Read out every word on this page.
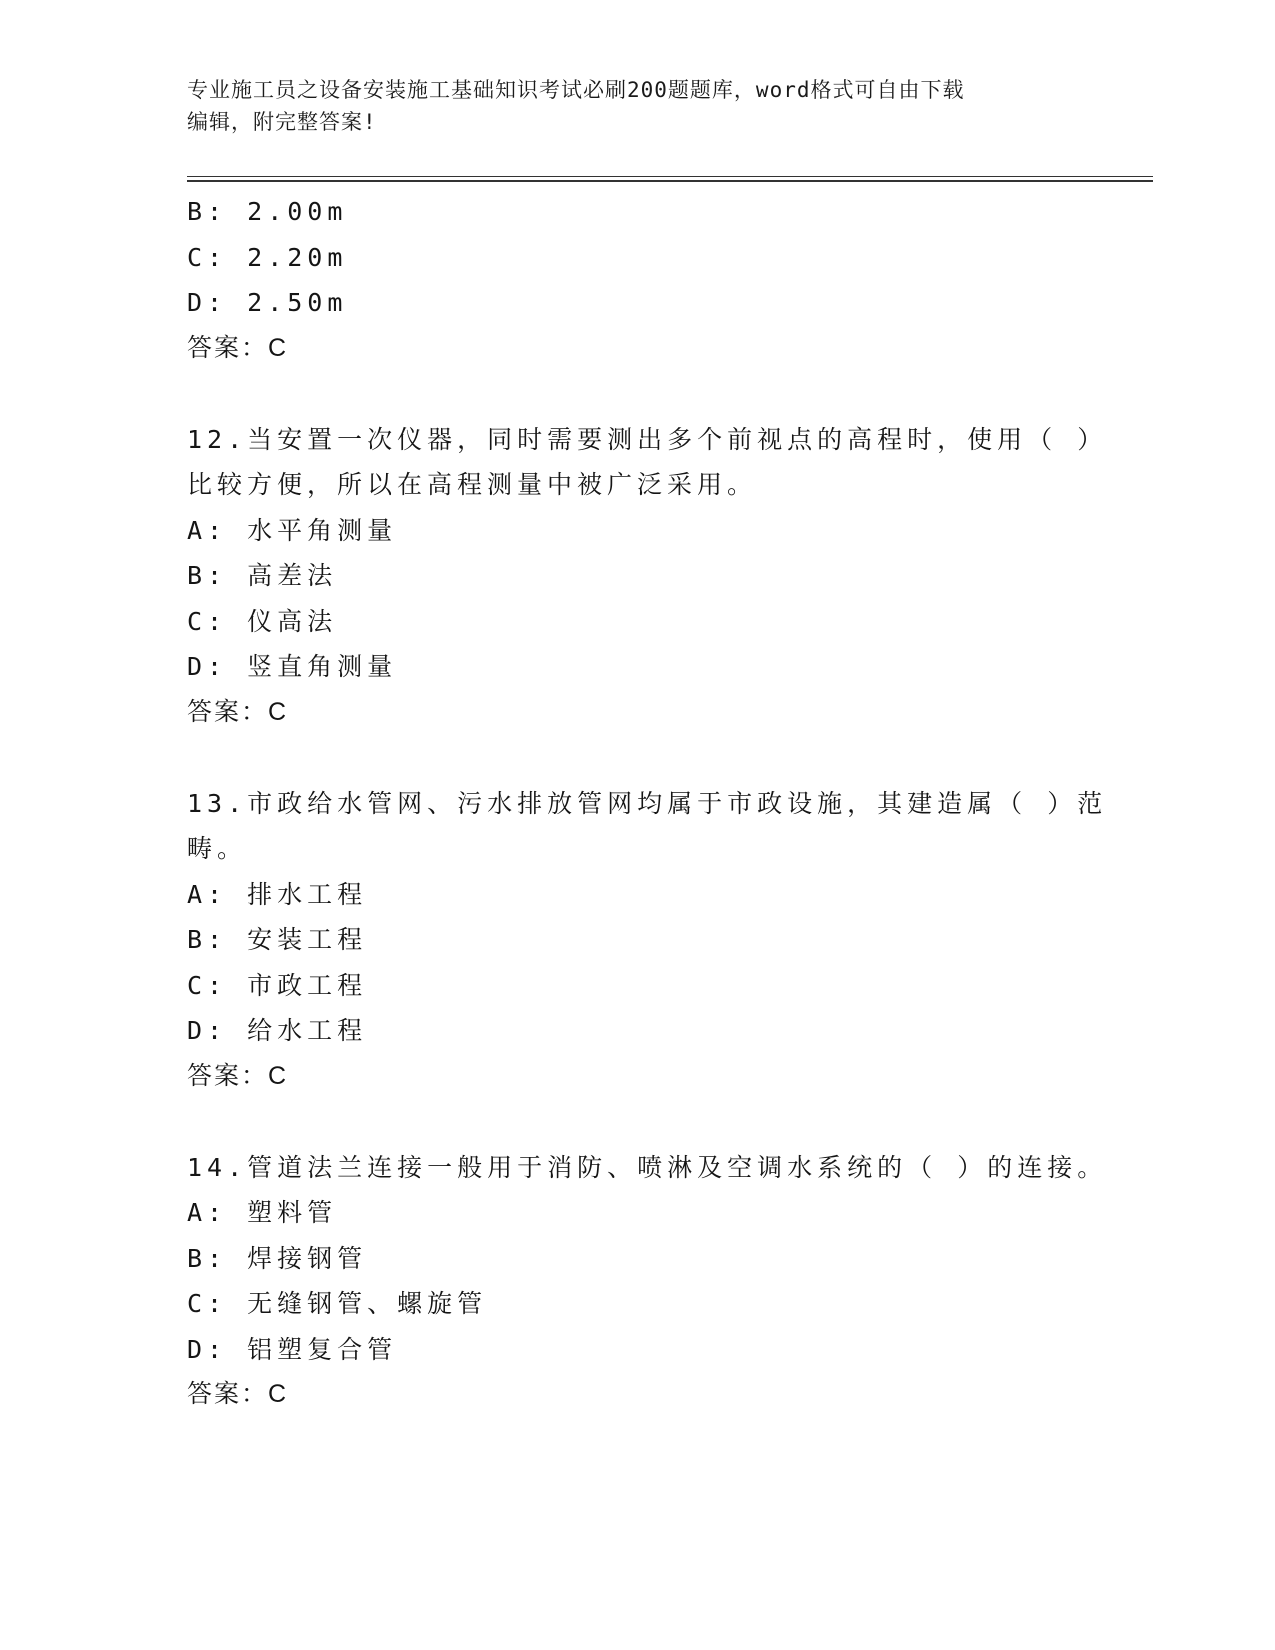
专业施工员之设备安装施工基础知识考试必刷200题题库，word格式可自由下载
编辑，附完整答案!
B: 2.00m
C: 2.20m
D: 2.50m
答案：C
12.当安置一次仪器，同时需要测出多个前视点的高程时，使用（ ）
比较方便，所以在高程测量中被广泛采用。
A: 水平角测量
B: 高差法
C: 仪高法
D: 竖直角测量
答案：C
13.市政给水管网、污水排放管网均属于市政设施，其建造属（ ）范
畴。
A: 排水工程
B: 安装工程
C: 市政工程
D: 给水工程
答案：C
14.管道法兰连接一般用于消防、喷淋及空调水系统的（ ）的连接。
A: 塑料管
B: 焊接钢管
C: 无缝钢管、螺旋管
D: 铝塑复合管
答案：C
